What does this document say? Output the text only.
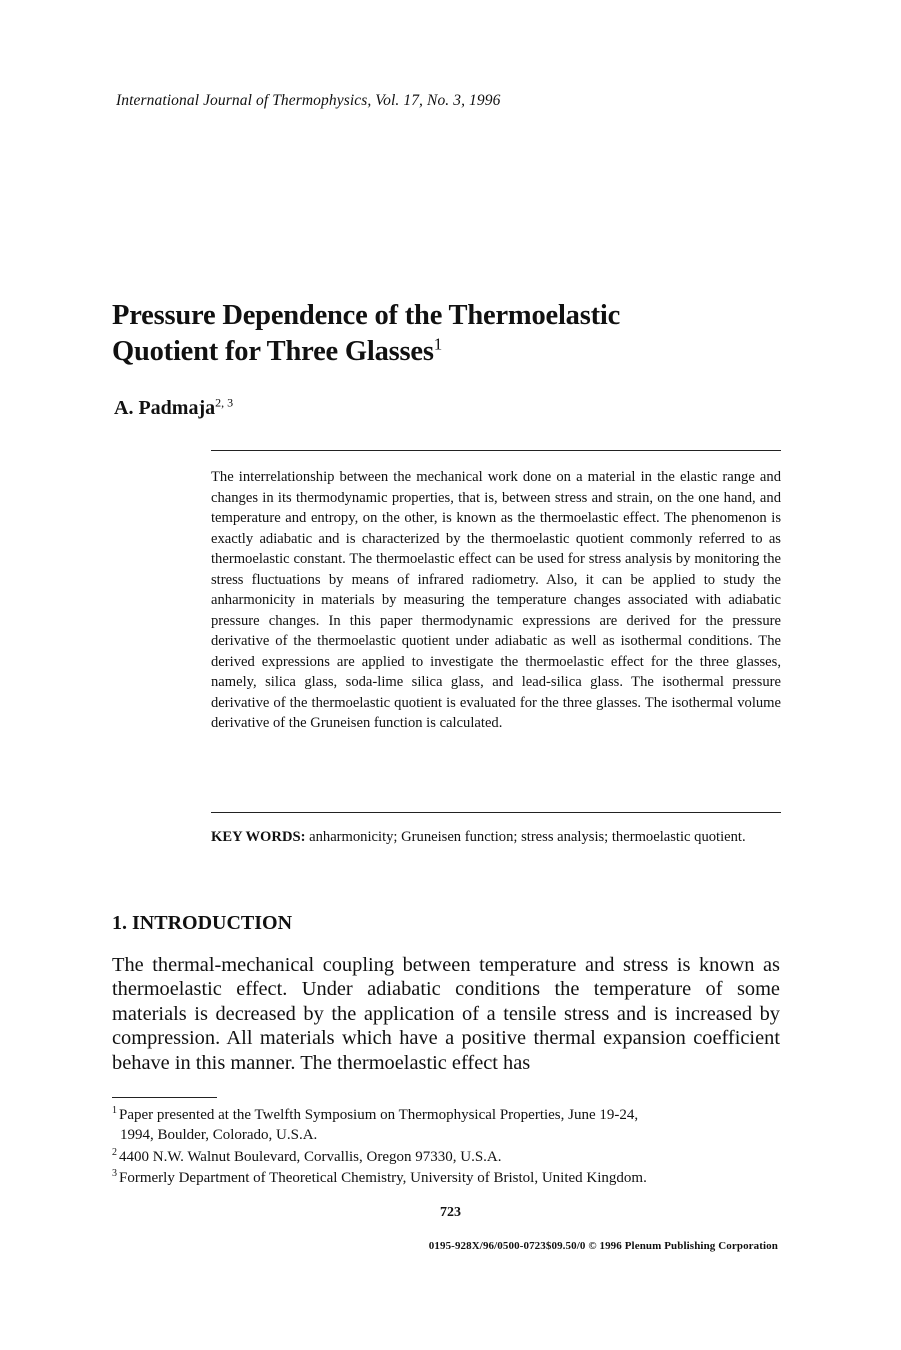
International Journal of Thermophysics, Vol. 17, No. 3, 1996
Pressure Dependence of the Thermoelastic
Quotient for Three Glasses$^1$
A. Padmaja$^{2, 3}$
The interrelationship between the mechanical work done on a material in the elastic range and changes in its thermodynamic properties, that is, between stress and strain, on the one hand, and temperature and entropy, on the other, is known as the thermoelastic effect. The phenomenon is exactly adiabatic and is characterized by the thermoelastic quotient commonly referred to as thermoelastic constant. The thermoelastic effect can be used for stress analysis by monitoring the stress fluctuations by means of infrared radiometry. Also, it can be applied to study the anharmonicity in materials by measuring the temperature changes associated with adiabatic pressure changes. In this paper thermodynamic expressions are derived for the pressure derivative of the thermoelastic quotient under adiabatic as well as isothermal conditions. The derived expressions are applied to investigate the thermoelastic effect for the three glasses, namely, silica glass, soda-lime silica glass, and lead-silica glass. The isothermal pressure derivative of the thermoelastic quotient is evaluated for the three glasses. The isothermal volume derivative of the Gruneisen function is calculated.
KEY WORDS: anharmonicity; Gruneisen function; stress analysis; thermoelastic quotient.
1. INTRODUCTION
The thermal-mechanical coupling between temperature and stress is known as thermoelastic effect. Under adiabatic conditions the temperature of some materials is decreased by the application of a tensile stress and is increased by compression. All materials which have a positive thermal expansion coefficient behave in this manner. The thermoelastic effect has
$^1$ Paper presented at the Twelfth Symposium on Thermophysical Properties, June 19-24,
1994, Boulder, Colorado, U.S.A.
$^2$ 4400 N.W. Walnut Boulevard, Corvallis, Oregon 97330, U.S.A.
$^3$ Formerly Department of Theoretical Chemistry, University of Bristol, United Kingdom.
723
0195-928X/96/0500-0723$09.50/0 © 1996 Plenum Publishing Corporation
